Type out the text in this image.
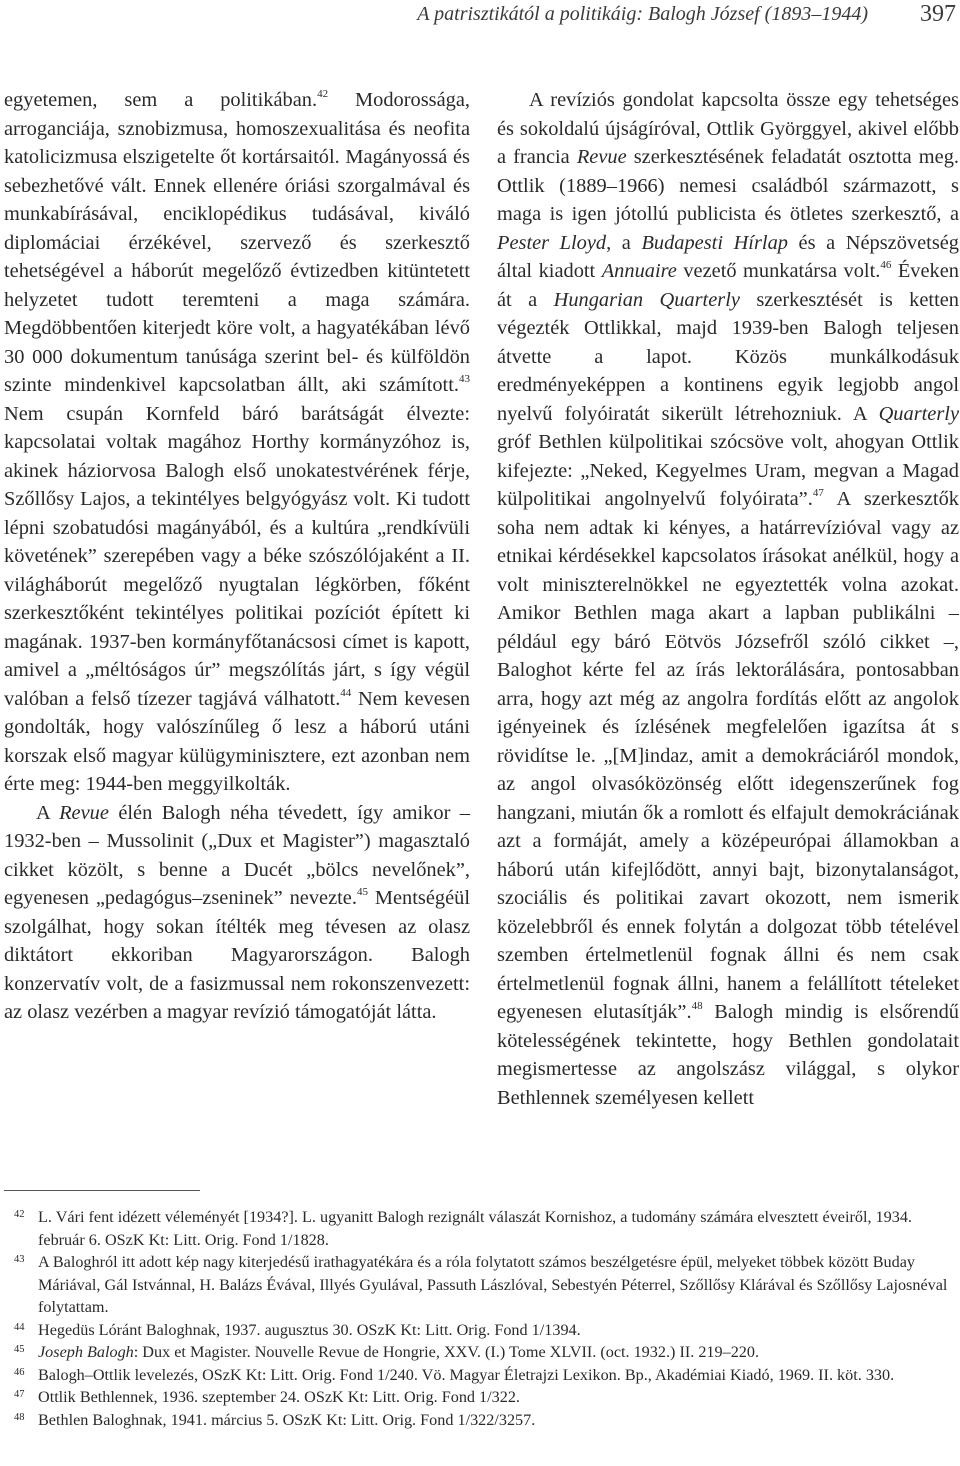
A patrisztikától a politikáig: Balogh József (1893–1944) 397

egyetemen, sem a politikában.$^{42}$ Modorossága, arroganciája, sznobizmusa, homoszexualitása és neofita katolicizmusa elszigetelte őt kortársaitól. Magányossá és sebezhetővé vált. Ennek ellenére óriási szorgalmával és munkabírásával, enciklopédikus tudásával, kiváló diplomáciai érzékével, szervező és szerkesztő tehetségével a háborút megelőző évtizedben kitüntetett helyzetet tudott teremteni a maga számára. Megdöbbentően kiterjedt köre volt, a hagyatékában lévő 30 000 dokumentum tanúsága szerint bel- és külföldön szinte mindenkivel kapcsolatban állt, aki számított.$^{43}$ Nem csupán Kornfeld báró barátságát élvezte: kapcsolatai voltak magához Horthy kormányzóhoz is, akinek háziorvosa Balogh első unokatestvérének férje, Szőllősy Lajos, a tekintélyes belgyógyász volt. Ki tudott lépni szobatudósi magányából, és a kultúra „rendkívüli követének” szerepében vagy a béke szószólójaként a II. világháborút megelőző nyugtalan légkörben, főként szerkesztőként tekintélyes politikai pozíciót épített ki magának. 1937-ben kormányfőtanácsosi címet is kapott, amivel a „méltóságos úr” megszólítás járt, s így végül valóban a felső tízezer tagjává válhatott.$^{44}$ Nem kevesen gondolták, hogy valószínűleg ő lesz a háború utáni korszak első magyar külügyminisztere, ezt azonban nem érte meg: 1944-ben meggyilkolták.

A Revue élén Balogh néha tévedett, így amikor – 1932-ben – Mussolinit („Dux et Magister”) magasztaló cikket közölt, s benne a Ducét „bölcs nevelőnek”, egyenesen „pedagógus–zseninek” nevezte.$^{45}$ Mentségéül szolgálhat, hogy sokan ítélték meg tévesen az olasz diktátort ekkoriban Magyarországon. Balogh konzervatív volt, de a fasizmussal nem rokonszenvezett: az olasz vezérben a magyar revízió támogatóját látta.

A revíziós gondolat kapcsolta össze egy tehetséges és sokoldalú újságíróval, Ottlik Györggyel, akivel előbb a francia Revue szerkesztésének feladatát osztotta meg. Ottlik (1889–1966) nemesi családból származott, s maga is igen jótollú publicista és ötletes szerkesztő, a Pester Lloyd, a Budapesti Hírlap és a Népszövetség által kiadott Annuaire vezető munkatársa volt.$^{46}$ Éveken át a Hungarian Quarterly szerkesztését is ketten végezték Ottlikkal, majd 1939-ben Balogh teljesen átvette a lapot. Közös munkálkodásuk eredményeképpen a kontinens egyik legjobb angol nyelvű folyóiratát sikerült létrehozniuk. A Quarterly gróf Bethlen külpolitikai szócsöve volt, ahogyan Ottlik kifejezte: „Neked, Kegyelmes Uram, megvan a Magad külpolitikai angolnyelvű folyóirata”.$^{47}$ A szerkesztők soha nem adtak ki kényes, a határrevízióval vagy az etnikai kérdésekkel kapcsolatos írásokat anélkül, hogy a volt miniszterelnökkel ne egyeztették volna azokat. Amikor Bethlen maga akart a lapban publikálni – például egy báró Eötvös Józsefről szóló cikket –, Baloghot kérte fel az írás lektorálására, pontosabban arra, hogy azt még az angolra fordítás előtt az angolok igényeinek és ízlésének megfelelően igazítsa át s rövidítse le. „[M]indaz, amit a demokráciáról mondok, az angol olvasóközönség előtt idegenszerűnek fog hangzani, miután ők a romlott és elfajult demokráciának azt a formáját, amely a középeurópai államokban a háború után kifejlődött, annyi bajt, bizonytalanságot, szociális és politikai zavart okozott, nem ismerik közelebbről és ennek folytán a dolgozat több tételével szemben értelmetlenül fognak állni és nem csak értelmetlenül fognak állni, hanem a felállított tételeket egyenesen elutasítják”.$^{48}$ Balogh mindig is elsőrendű kötelességének tekintette, hogy Bethlen gondolatait megismertesse az angolszász világgal, s olykor Bethlennek személyesen kellett

42 L. Vári fent idézett véleményét [1934?]. L. ugyanitt Balogh rezignált válaszát Kornishoz, a tudomány számára elvesztett éveiről, 1934. február 6. OSzK Kt: Litt. Orig. Fond 1/1828.
43 A Baloghról itt adott kép nagy kiterjedésű irathagyatékára és a róla folytatott számos beszélgetésre épül, melyeket többek között Buday Máriával, Gál Istvánnal, H. Balázs Évával, Illyés Gyulával, Passuth Lászlóval, Sebestyén Péterrel, Szőllősy Klárával és Szőllősy Lajosnéval folytattam.
44 Hegedüs Lóránt Baloghnak, 1937. augusztus 30. OSzK Kt: Litt. Orig. Fond 1/1394.
45 Joseph Balogh: Dux et Magister. Nouvelle Revue de Hongrie, XXV. (I.) Tome XLVII. (oct. 1932.) II. 219–220.
46 Balogh–Ottlik levelezés, OSzK Kt: Litt. Orig. Fond 1/240. Vö. Magyar Életrajzi Lexikon. Bp., Akadémiai Kiadó, 1969. II. köt. 330.
47 Ottlik Bethlennek, 1936. szeptember 24. OSzK Kt: Litt. Orig. Fond 1/322.
48 Bethlen Baloghnak, 1941. március 5. OSzK Kt: Litt. Orig. Fond 1/322/3257.
